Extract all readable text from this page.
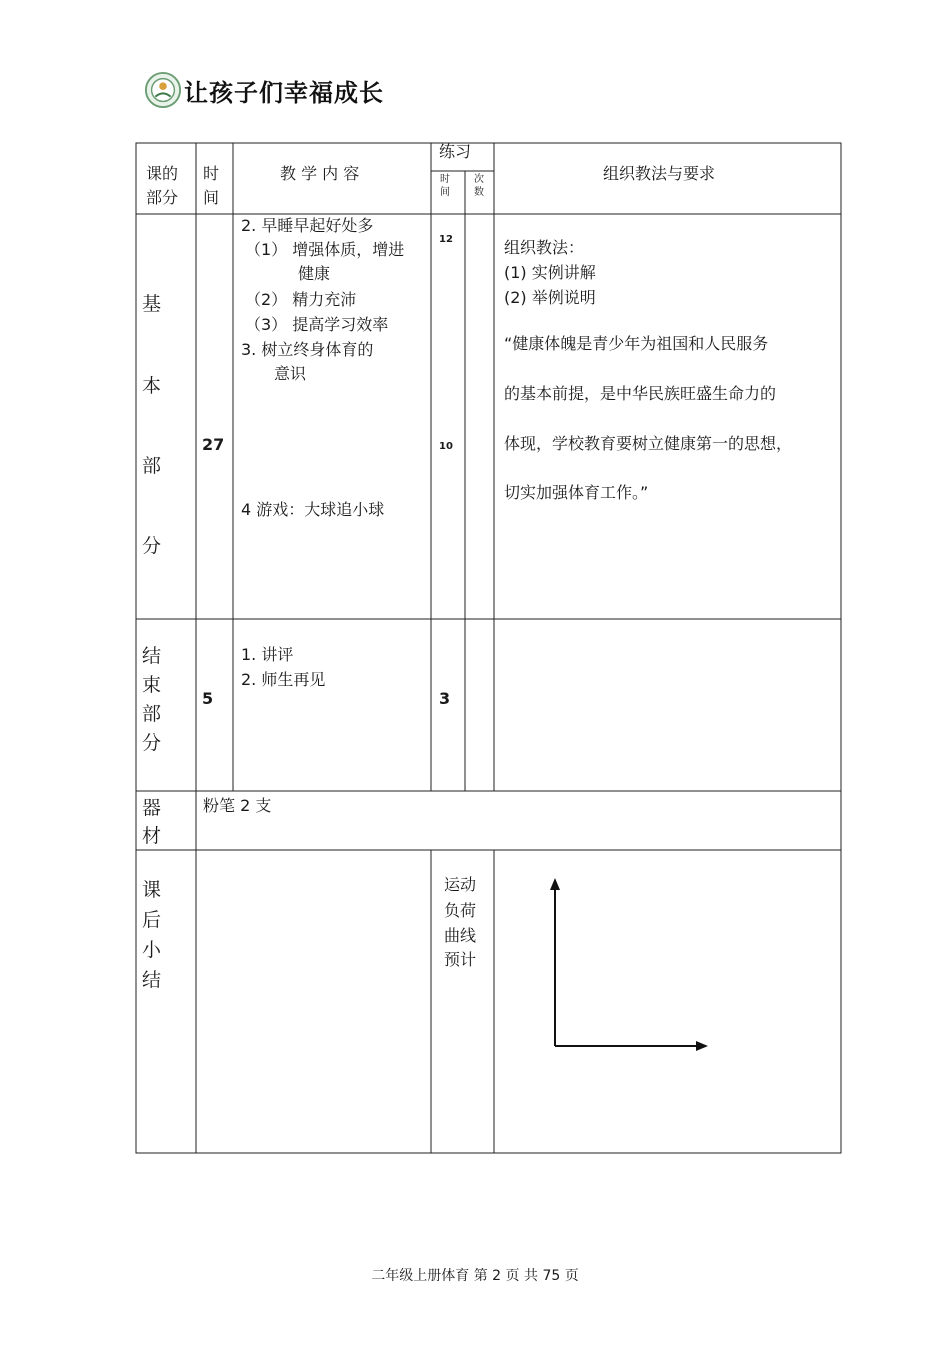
让孩子们幸福成长
课的
部分
时
间
教 学 内 容
练习
时
间
次
数
组织教法与要求
基
本
部
分
27
2. 早睡早起好处多
（1） 增强体质，增进
健康
（2） 精力充沛
（3） 提高学习效率
3. 树立终身体育的
意识
4 游戏：大球追小球
12
10
组织教法：
(1) 实例讲解
(2) 举例说明
“健康体魄是青少年为祖国和人民服务
的基本前提，是中华民族旺盛生命力的
体现，学校教育要树立健康第一的思想，
切实加强体育工作。”
结
束
部
分
5
1. 讲评
2. 师生再见
3
器
材
粉笔 2 支
课
后
小
结
运动
负荷
曲线
预计
二年级上册体育 第 2 页 共 75 页
